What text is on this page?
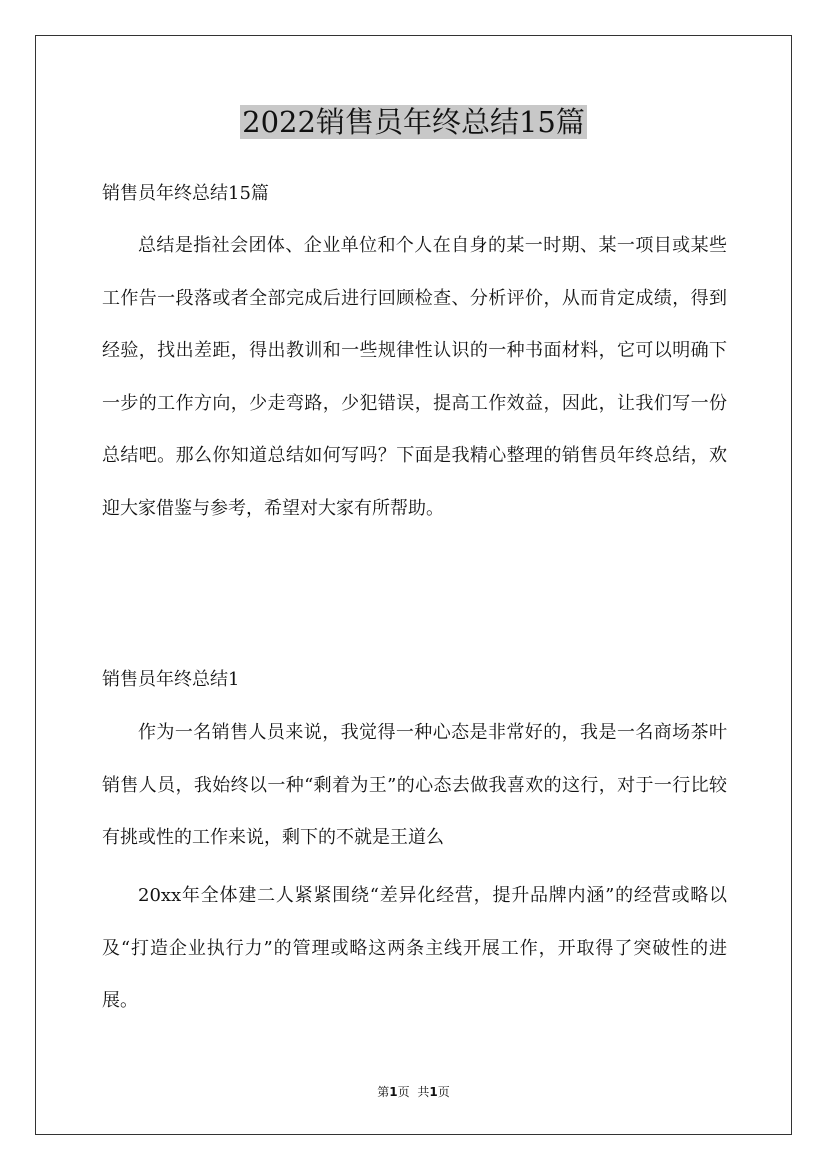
2022销售员年终总结15篇
销售员年终总结15篇

总结是指社会团体、企业单位和个人在自身的某一时期、某一项目或某些工作告一段落或者全部完成后进行回顾检查、分析评价，从而肯定成绩，得到经验，找出差距，得出教训和一些规律性认识的一种书面材料，它可以明确下一步的工作方向，少走弯路，少犯错误，提高工作效益，因此，让我们写一份总结吧。那么你知道总结如何写吗？下面是我精心整理的销售员年终总结，欢迎大家借鉴与参考，希望对大家有所帮助。

销售员年终总结1

作为一名销售人员来说，我觉得一种心态是非常好的，我是一名商场茶叶销售人员，我始终以一种“剩着为王”的心态去做我喜欢的这行，对于一行比较有挑或性的工作来说，剩下的不就是王道么

20xx年全体建二人紧紧围绕“差异化经营，提升品牌内涵”的经营或略以及“打造企业执行力”的管理或略这两条主线开展工作，开取得了突破性的进展。

第1页 共1页
